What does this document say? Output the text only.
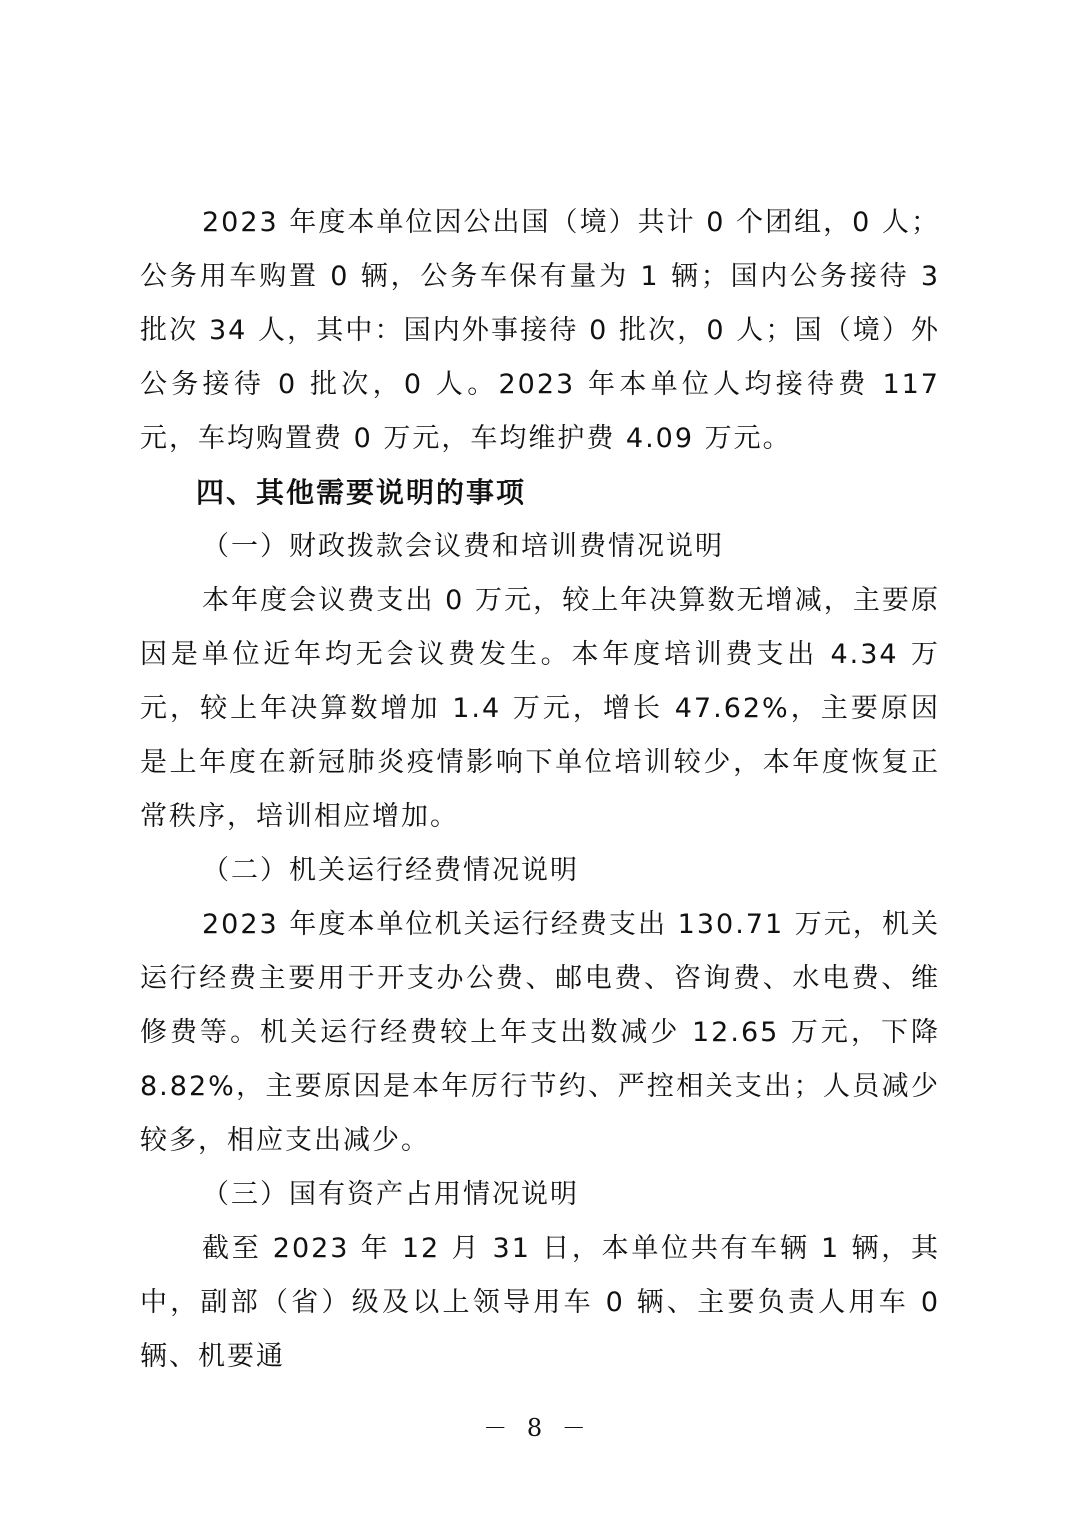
2023 年度本单位因公出国（境）共计 0 个团组，0 人；公务用车购置 0 辆，公务车保有量为 1 辆；国内公务接待 3 批次 34 人，其中：国内外事接待 0 批次，0 人；国（境）外公务接待 0 批次，0 人。2023 年本单位人均接待费 117 元，车均购置费 0 万元，车均维护费 4.09 万元。

四、其他需要说明的事项

（一）财政拨款会议费和培训费情况说明

本年度会议费支出 0 万元，较上年决算数无增减，主要原因是单位近年均无会议费发生。本年度培训费支出 4.34 万元，较上年决算数增加 1.4 万元，增长 47.62%，主要原因是上年度在新冠肺炎疫情影响下单位培训较少，本年度恢复正常秩序，培训相应增加。

（二）机关运行经费情况说明

2023 年度本单位机关运行经费支出 130.71 万元，机关运行经费主要用于开支办公费、邮电费、咨询费、水电费、维修费等。机关运行经费较上年支出数减少 12.65 万元，下降 8.82%，主要原因是本年厉行节约、严控相关支出；人员减少较多，相应支出减少。

（三）国有资产占用情况说明

截至 2023 年 12 月 31 日，本单位共有车辆 1 辆，其中，副部（省）级及以上领导用车 0 辆、主要负责人用车 0 辆、机要通

－ 8 －
